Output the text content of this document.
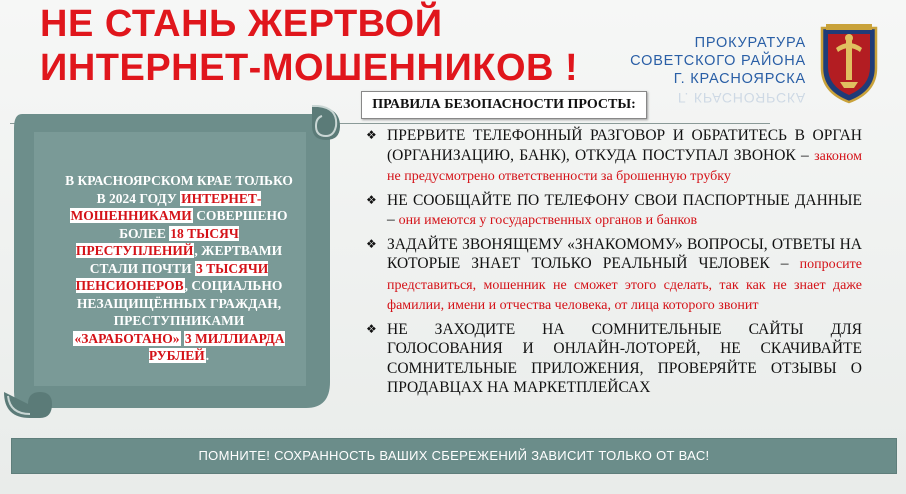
НЕ СТАНЬ ЖЕРТВОЙ
ИНТЕРНЕТ-МОШЕННИКОВ !
ПРОКУРАТУРА
СОВЕТСКОГО РАЙОНА
Г. КРАСНОЯРСКА
Г. КРАСНОЯРСКА
В КРАСНОЯРСКОМ КРАЕ ТОЛЬКО В 2024 ГОДУ ИНТЕРНЕТ-МОШЕННИКАМИ СОВЕРШЕНО БОЛЕЕ 18 ТЫСЯЧ ПРЕСТУПЛЕНИЙ, ЖЕРТВАМИ СТАЛИ ПОЧТИ 3 ТЫСЯЧИ ПЕНСИОНЕРОВ, СОЦИАЛЬНО НЕЗАЩИЩЁННЫХ ГРАЖДАН, ПРЕСТУПНИКАМИ «ЗАРАБОТАНО» 3 МИЛЛИАРДА РУБЛЕЙ.
ПРАВИЛА БЕЗОПАСНОСТИ ПРОСТЫ:
❖ ПРЕРВИТЕ ТЕЛЕФОННЫЙ РАЗГОВОР И ОБРАТИТЕСЬ В ОРГАН (ОРГАНИЗАЦИЮ, БАНК), ОТКУДА ПОСТУПАЛ ЗВОНОК – законом не предусмотрено ответственности за брошенную трубку
❖ НЕ СООБЩАЙТЕ ПО ТЕЛЕФОНУ СВОИ ПАСПОРТНЫЕ ДАННЫЕ – они имеются у государственных органов и банков
❖ ЗАДАЙТЕ ЗВОНЯЩЕМУ «ЗНАКОМОМУ» ВОПРОСЫ, ОТВЕТЫ НА КОТОРЫЕ ЗНАЕТ ТОЛЬКО РЕАЛЬНЫЙ ЧЕЛОВЕК – попросите представиться, мошенник не сможет этого сделать, так как не знает даже фамилии, имени и отчества человека, от лица которого звонит
❖ НЕ ЗАХОДИТЕ НА СОМНИТЕЛЬНЫЕ САЙТЫ ДЛЯ ГОЛОСОВАНИЯ И ОНЛАЙН-ЛОТОРЕЙ, НЕ СКАЧИВАЙТЕ СОМНИТЕЛЬНЫЕ ПРИЛОЖЕНИЯ, ПРОВЕРЯЙТЕ ОТЗЫВЫ О ПРОДАВЦАХ НА МАРКЕТПЛЕЙСАХ
ПОМНИТЕ! СОХРАННОСТЬ ВАШИХ СБЕРЕЖЕНИЙ ЗАВИСИТ ТОЛЬКО ОТ ВАС!
